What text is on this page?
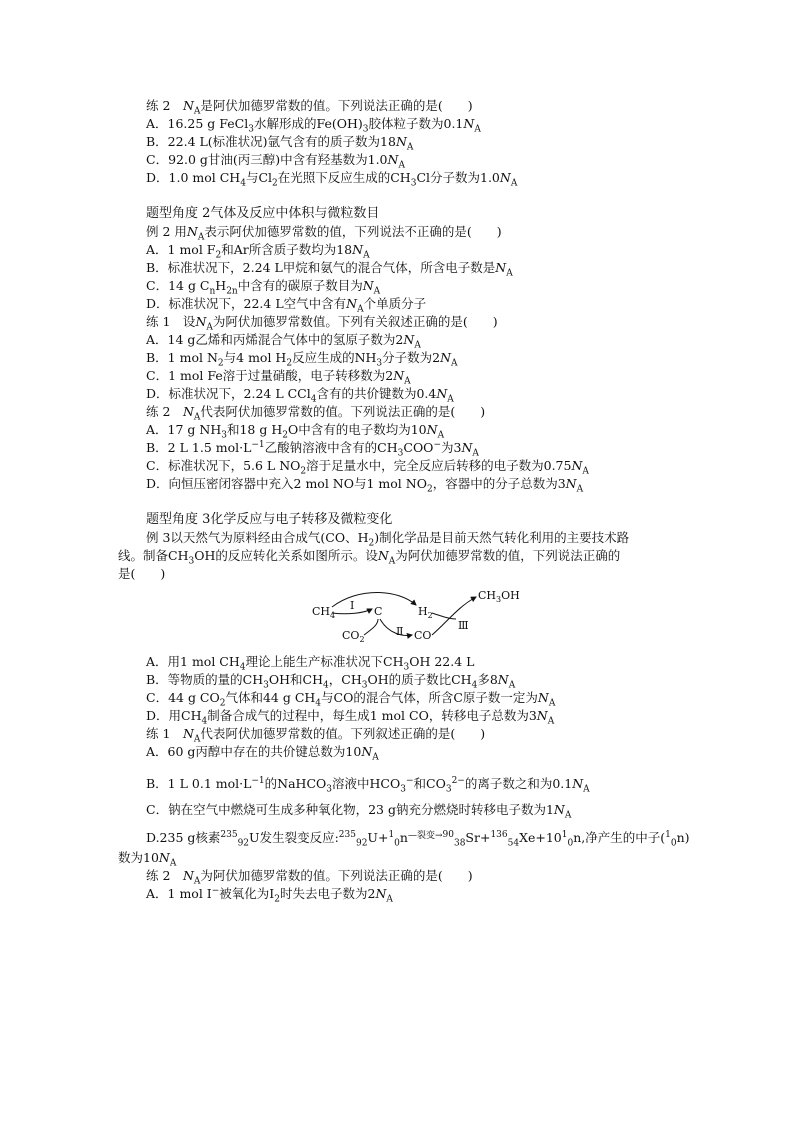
练 2　$N_A$是阿伏加德罗常数的值。下列说法正确的是(　　)
A．16.25 g FeCl$_3$水解形成的$Fe(OH)_3$胶体粒子数为$0.1N_A$
B．22.4 L(标准状况)氩气含有的质子数为$18N_A$
C．92.0 g甘油(丙三醇)中含有羟基数为$1.0N_A$
D．1.0 mol $CH_4$与$Cl_2$在光照下反应生成的$CH_3Cl$分子数为$1.0N_A$
题型角度 2气体及反应中体积与微粒数目
例 2 用$N_A$表示阿伏加德罗常数的值，下列说法不正确的是(　　)
A．1 mol $F_2$和Ar所含质子数均为$18N_A$
B．标准状况下，2.24 L甲烷和氨气的混合气体，所含电子数是$N_A$
C．14 g $C_nH_{2n}$中含有的碳原子数目为$N_A$
D．标准状况下，22.4 L空气中含有$N_A$个单质分子
练 1　设$N_A$为阿伏加德罗常数值。下列有关叙述正确的是(　　)
A．14 g乙烯和丙烯混合气体中的氢原子数为$2N_A$
B．1 mol $N_2$与4 mol $H_2$反应生成的$NH_3$分子数为$2N_A$
C．1 mol Fe溶于过量硝酸，电子转移数为$2N_A$
D．标准状况下，2.24 L CCl$_4$含有的共价键数为$0.4N_A$
练 2　$N_A$代表阿伏加德罗常数的值。下列说法正确的是(　　)
A．17 g $NH_3$和18 g $H_2O$中含有的电子数均为$10N_A$
B．2 L 1.5 $mol\cdot L^{-1}$乙酸钠溶液中含有的$CH_3COO^-$为$3N_A$
C．标准状况下，5.6 L $NO_2$溶于足量水中，完全反应后转移的电子数为$0.75N_A$
D．向恒压密闭容器中充入2 mol NO与1 mol $NO_2$，容器中的分子总数为$3N_A$
题型角度 3化学反应与电子转移及微粒变化
例 3以天然气为原料经由合成气(CO、$H_2$)制化学品是目前天然气转化利用的主要技术路
线。制备$CH_3OH$的反应转化关系如图所示。设$N_A$为阿伏加德罗常数的值，下列说法正确的
是(　　)
$CH_4$
$CO_2$
C	$H_2$
CO
$CH_3OH$
Ⅰ
Ⅱ	Ⅲ
A．用1 mol $CH_4$理论上能生产标准状况下$CH_3OH$ 22.4 L
B．等物质的量的$CH_3OH$和$CH_4$，$CH_3OH$的质子数比$CH_4$多$8N_A$
C．44 g $CO_2$气体和44 g $CH_4$与CO的混合气体，所含C原子数一定为$N_A$
D．用$CH_4$制备合成气的过程中，每生成1 mol CO，转移电子总数为$3N_A$
练 1　$N_A$代表阿伏加德罗常数的值。下列叙述正确的是(　　)
A．60 g丙醇中存在的共价键总数为$10N_A$
B．1 L 0.1 $mol\cdot L^{-1}$的NaHCO$_3$溶液中$HCO_3^-$和$CO_3^{2-}$的离子数之和为$0.1N_A$
C．钠在空气中燃烧可生成多种氧化物，23 g钠充分燃烧时转移电子数为$1N_A$
D.235 g核素$^{235}_{92}$U发生裂变反应$:^{235}_{92}U+^1_0n^{—裂变\to 90}_{38}Sr+^{136}_{54}Xe+10^1_0n$,净产生的中子($^1_0$n)
数为$10N_A$
练 2　$N_A$为阿伏加德罗常数的值。下列说法正确的是(　　)
A．1 mol I−被氧化为$I_2$时失去电子数为$2N_A$
